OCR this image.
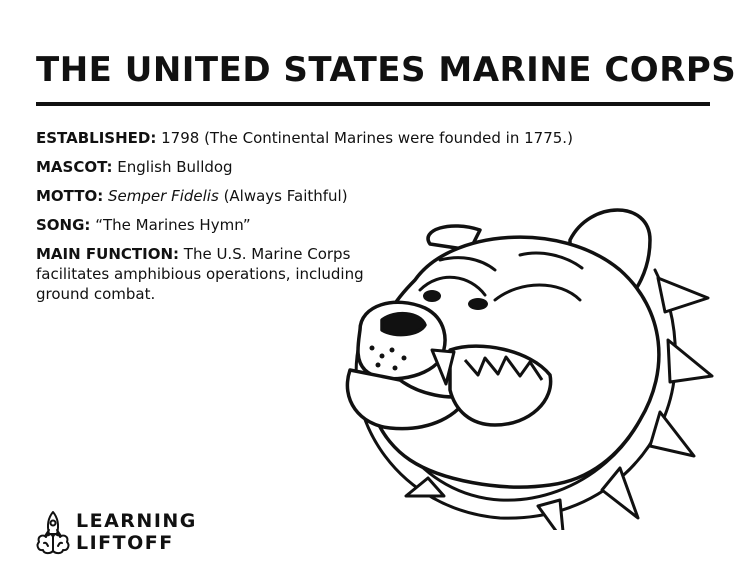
THE UNITED STATES MARINE CORPS
ESTABLISHED: 1798 (The Continental Marines were founded in 1775.)
MASCOT: English Bulldog
MOTTO: Semper Fidelis (Always Faithful)
SONG: “The Marines Hymn”
MAIN FUNCTION: The U.S. Marine Corps facilitates amphibious operations, including ground combat.
LEARNING
LIFTOFF
